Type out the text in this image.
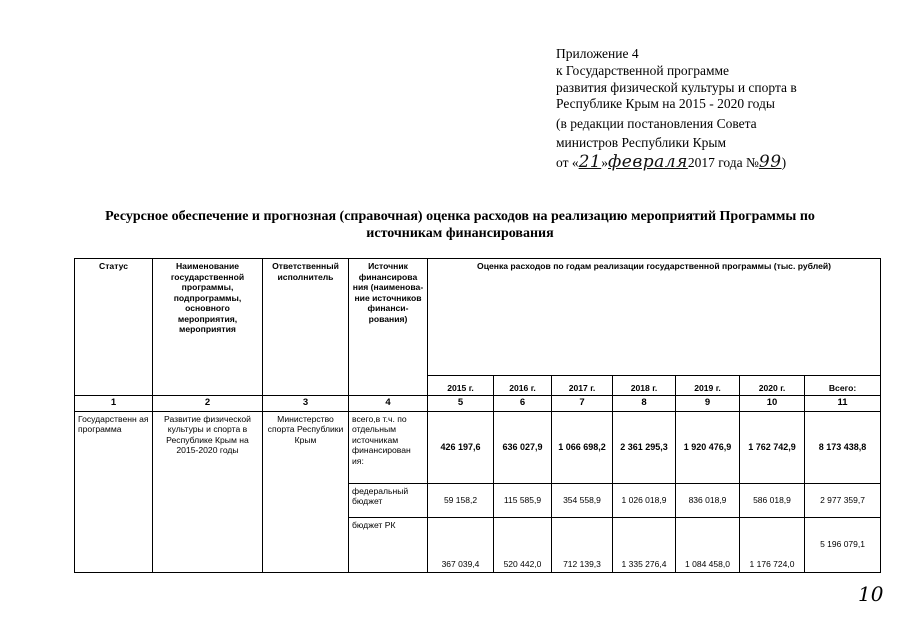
Приложение 4
к Государственной программе
развития физической культуры и спорта в
Республике Крым на 2015 - 2020 годы
(в редакции постановления Совета
министров Республики Крым
от «21»февраля2017 года №99)
Ресурсное обеспечение и прогнозная (справочная) оценка расходов на реализацию мероприятий Программы по
источникам финансирования
Статус	Наименование государственной программы, подпрограммы, основного мероприятия, мероприятия	Ответственный исполнитель	Источник финансирова ния (наименова- ние источников финанси- рования)	Оценка расходов по годам реализации государственной программы (тыс. рублей)						
				2015 г.	2016 г.	2017 г.	2018 г.	2019 г.	2020 г.	Всего:
1	2	3	4	5	6	7	8	9	10	11
Государственн ая программа	Развитие физической культуры и спорта в Республике Крым на 2015-2020 годы	Министерство спорта Республики Крым	всего,в т.ч. по отдельным источникам финансирован ия:	426 197,6	636 027,9	1 066 698,2	2 361 295,3	1 920 476,9	1 762 742,9	8 173 438,8
			федеральный бюджет	59 158,2	115 585,9	354 558,9	1 026 018,9	836 018,9	586 018,9	2 977 359,7
			бюджет РК	367 039,4	520 442,0	712 139,3	1 335 276,4	1 084 458,0	1 176 724,0	5 196 079,1
10
